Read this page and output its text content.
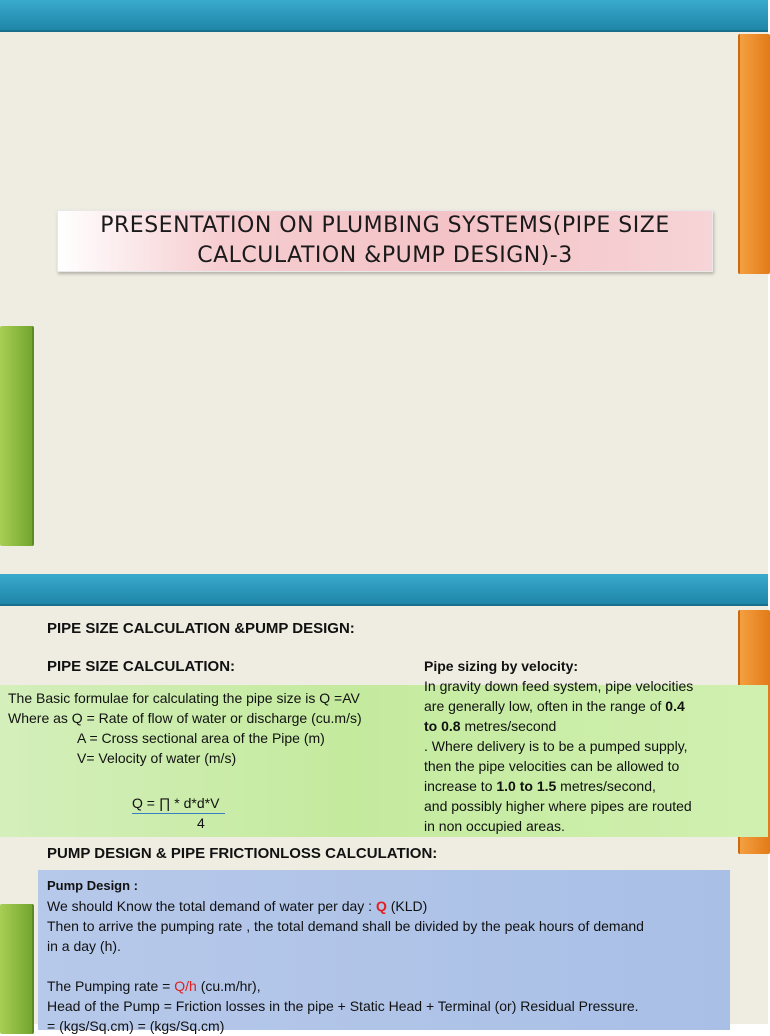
PRESENTATION ON PLUMBING SYSTEMS(PIPE SIZE
CALCULATION &PUMP DESIGN)-3
PIPE SIZE CALCULATION &PUMP DESIGN:
PIPE SIZE CALCULATION:
The Basic formulae for calculating the pipe size is Q =AV
Where as Q = Rate of flow of water or discharge (cu.m/s)
A = Cross sectional area of the Pipe (m)
V= Velocity of water (m/s)
Q = ∏ * d*d*V
4
Pipe sizing by velocity:
In gravity down feed system, pipe velocities
are generally low, often in the range of 0.4
to 0.8 metres/second
. Where delivery is to be a pumped supply,
then the pipe velocities can be allowed to
increase to 1.0 to 1.5 metres/second,
and possibly higher where pipes are routed
in non occupied areas.
PUMP DESIGN & PIPE FRICTIONLOSS CALCULATION:
Pump Design :
We should Know the total demand of water per day : Q (KLD)
Then to arrive the pumping rate , the total demand shall be divided by the peak hours of demand
in a day (h).
The Pumping rate = Q/h (cu.m/hr),
Head of the Pump = Friction losses in the pipe + Static Head + Terminal (or) Residual Pressure.
= (kgs/Sq.cm) = (kgs/Sq.cm)
